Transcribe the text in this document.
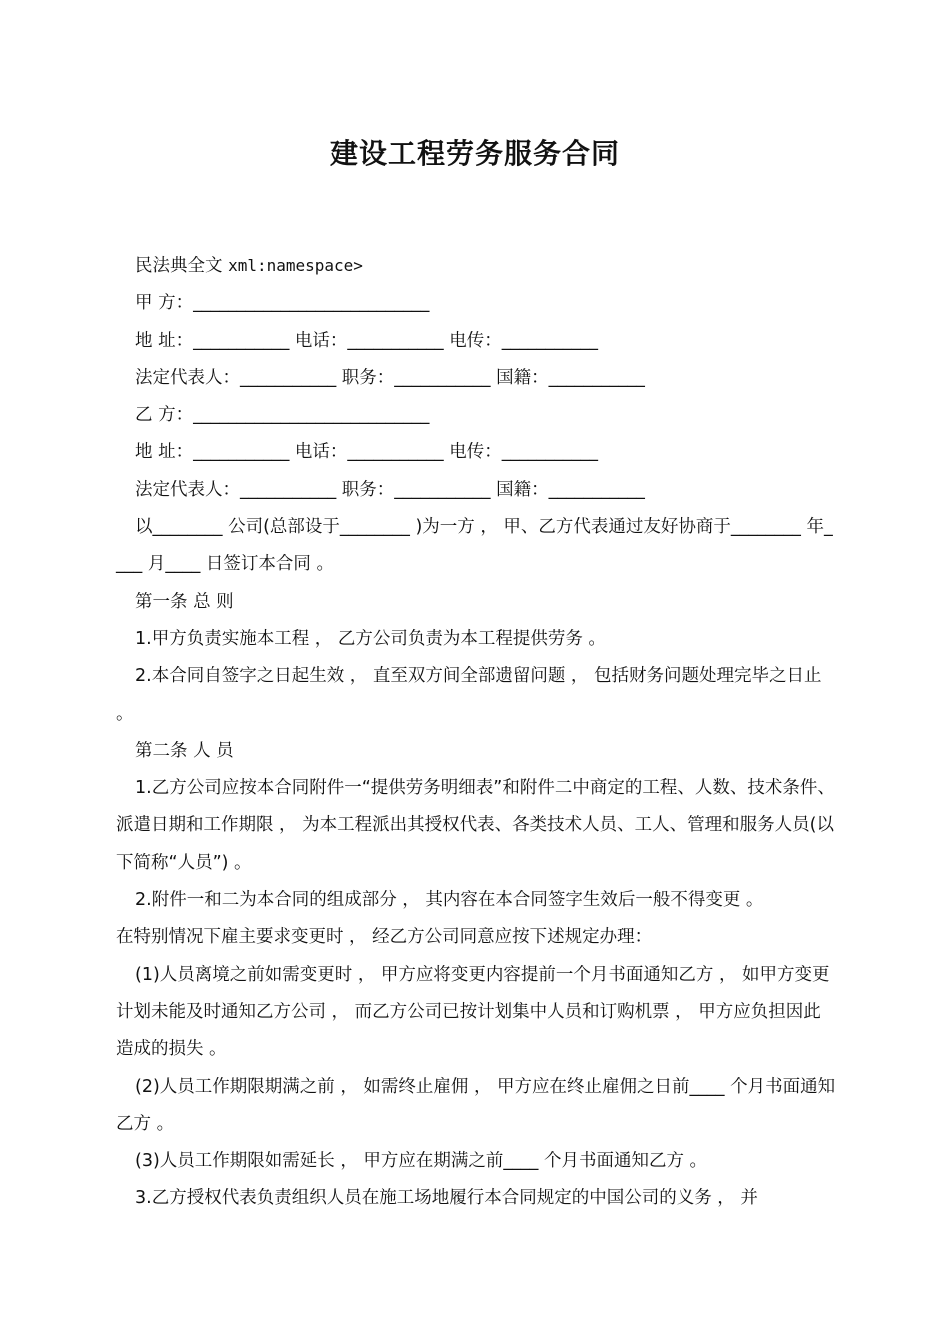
建设工程劳务服务合同

民法典全文 xml:namespace>

甲 方：___________________________

地 址：___________ 电话：___________ 电传：___________

法定代表人：___________ 职务：___________ 国籍：___________

乙 方：___________________________

地 址：___________ 电话：___________ 电传：___________

法定代表人：___________ 职务：___________ 国籍：___________

以________ 公司(总部设于________ )为一方 ， 甲、乙方代表通过友好协商于________ 年____ 月____ 日签订本合同 。

第一条 总 则

1.甲方负责实施本工程 ， 乙方公司负责为本工程提供劳务 。

2.本合同自签字之日起生效 ， 直至双方间全部遗留问题 ， 包括财务问题处理完毕之日止 。

第二条 人 员

1.乙方公司应按本合同附件一“提供劳务明细表”和附件二中商定的工程、人数、技术条件、派遣日期和工作期限 ， 为本工程派出其授权代表、各类技术人员、工人、管理和服务人员(以下简称“人员”) 。

2.附件一和二为本合同的组成部分 ， 其内容在本合同签字生效后一般不得变更 。

在特别情况下雇主要求变更时 ， 经乙方公司同意应按下述规定办理：

(1)人员离境之前如需变更时 ， 甲方应将变更内容提前一个月书面通知乙方 ， 如甲方变更计划未能及时通知乙方公司 ， 而乙方公司已按计划集中人员和订购机票 ， 甲方应负担因此造成的损失 。

(2)人员工作期限期满之前 ， 如需终止雇佣 ， 甲方应在终止雇佣之日前____ 个月书面通知乙方 。

(3)人员工作期限如需延长 ， 甲方应在期满之前____ 个月书面通知乙方 。

3.乙方授权代表负责组织人员在施工场地履行本合同规定的中国公司的义务 ， 并
